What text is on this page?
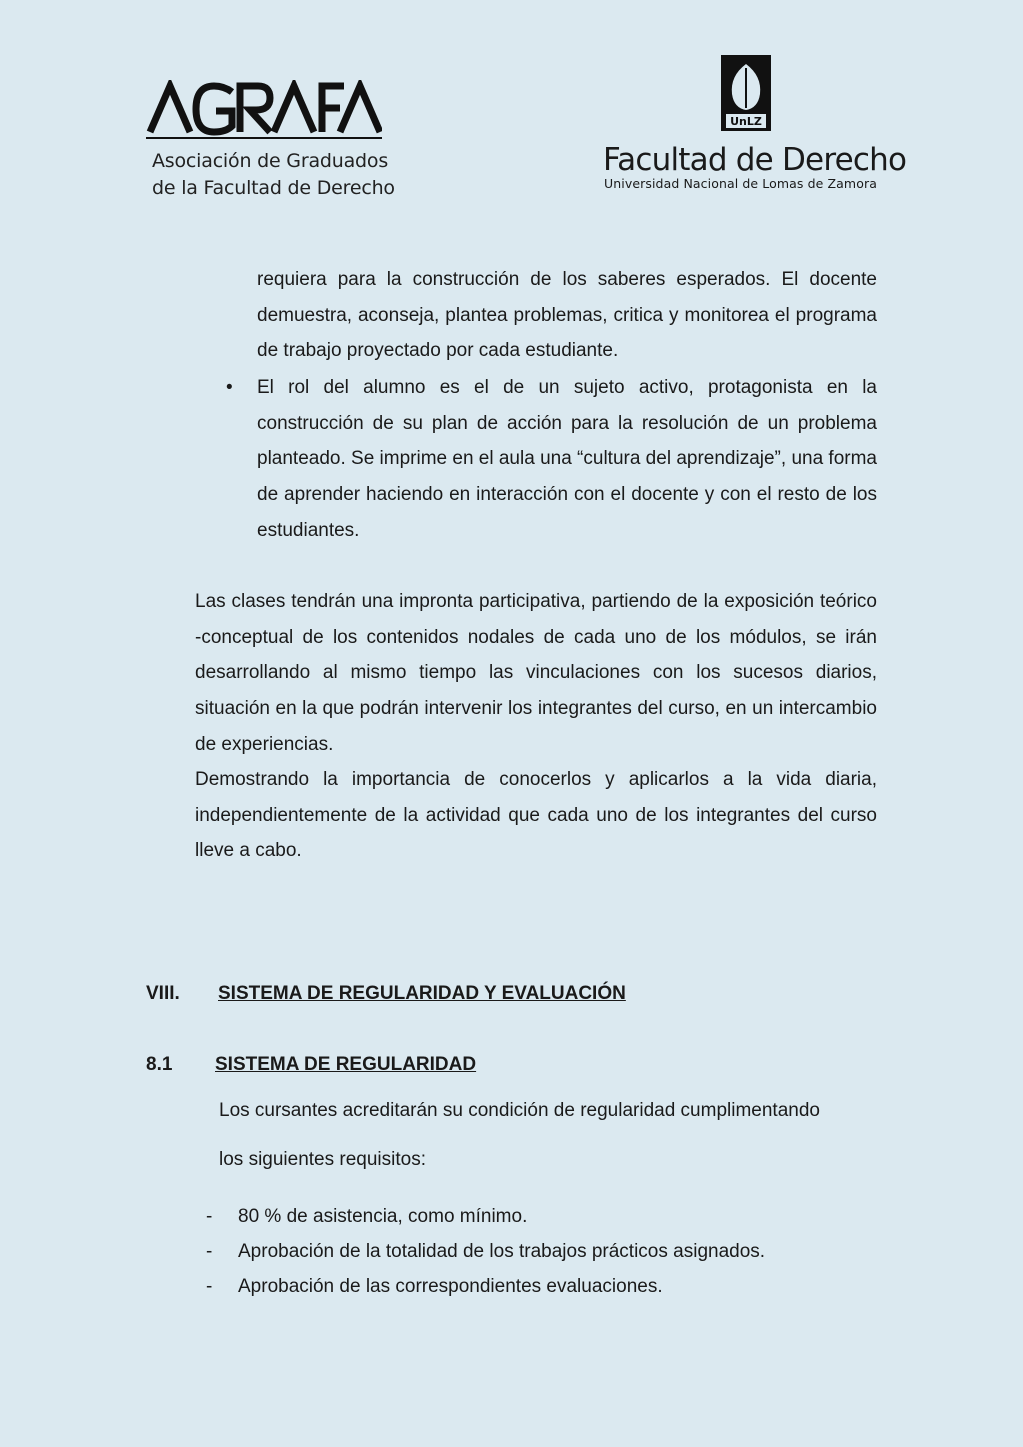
Asociación de Graduados
de la Facultad de Derecho
UnLZ
Facultad de Derecho
Universidad Nacional de Lomas de Zamora
requiera para la construcción de los saberes esperados. El docente demuestra, aconseja, plantea problemas, critica y monitorea el programa de trabajo proyectado por cada estudiante.
• El rol del alumno es el de un sujeto activo, protagonista en la construcción de su plan de acción para la resolución de un problema planteado. Se imprime en el aula una “cultura del aprendizaje”, una forma de aprender haciendo en interacción con el docente y con el resto de los estudiantes.
Las clases tendrán una impronta participativa, partiendo de la exposición teórico -conceptual de los contenidos nodales de cada uno de los módulos, se irán desarrollando al mismo tiempo las vinculaciones con los sucesos diarios, situación en la que podrán intervenir los integrantes del curso, en un intercambio de experiencias.
Demostrando la importancia de conocerlos y aplicarlos a la vida diaria, independientemente de la actividad que cada uno de los integrantes del curso lleve a cabo.
VIII. SISTEMA DE REGULARIDAD Y EVALUACIÓN
8.1 SISTEMA DE REGULARIDAD
Los cursantes acreditarán su condición de regularidad cumplimentando
los siguientes requisitos:
- 80 % de asistencia, como mínimo.
- Aprobación de la totalidad de los trabajos prácticos asignados.
- Aprobación de las correspondientes evaluaciones.
